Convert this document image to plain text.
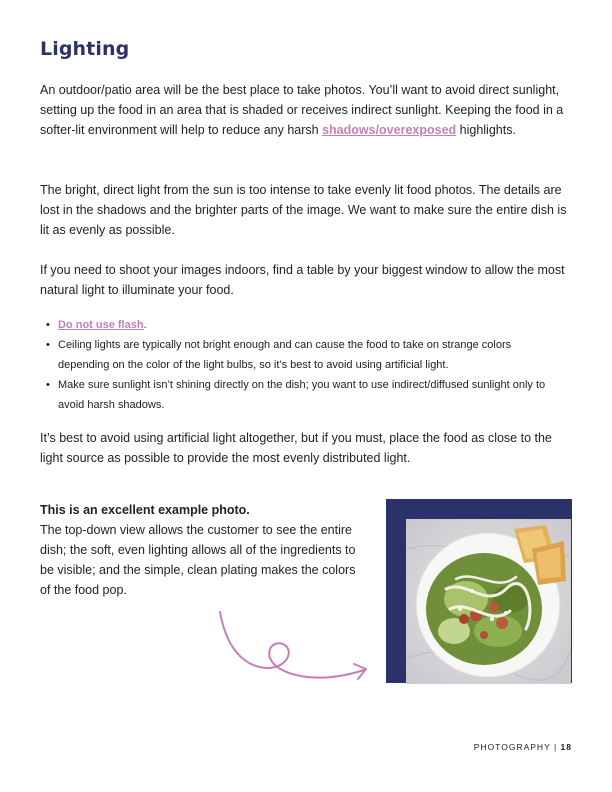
Lighting

An outdoor/patio area will be the best place to take photos. You’ll want to avoid direct sunlight, setting up the food in an area that is shaded or receives indirect sunlight. Keeping the food in a softer-lit environment will help to reduce any harsh shadows/overexposed highlights.

The bright, direct light from the sun is too intense to take evenly lit food photos. The details are lost in the shadows and the brighter parts of the image. We want to make sure the entire dish is lit as evenly as possible.

If you need to shoot your images indoors, find a table by your biggest window to allow the most natural light to illuminate your food.

• Do not use flash.
• Ceiling lights are typically not bright enough and can cause the food to take on strange colors depending on the color of the light bulbs, so it’s best to avoid using artificial light.
• Make sure sunlight isn’t shining directly on the dish; you want to use indirect/diffused sunlight only to avoid harsh shadows.

It’s best to avoid using artificial light altogether, but if you must, place the food as close to the light source as possible to provide the most evenly distributed light.

This is an excellent example photo.
The top-down view allows the customer to see the entire dish; the soft, even lighting allows all of the ingredients to be visible; and the simple, clean plating makes the colors of the food pop.
PHOTOGRAPHY | 18
